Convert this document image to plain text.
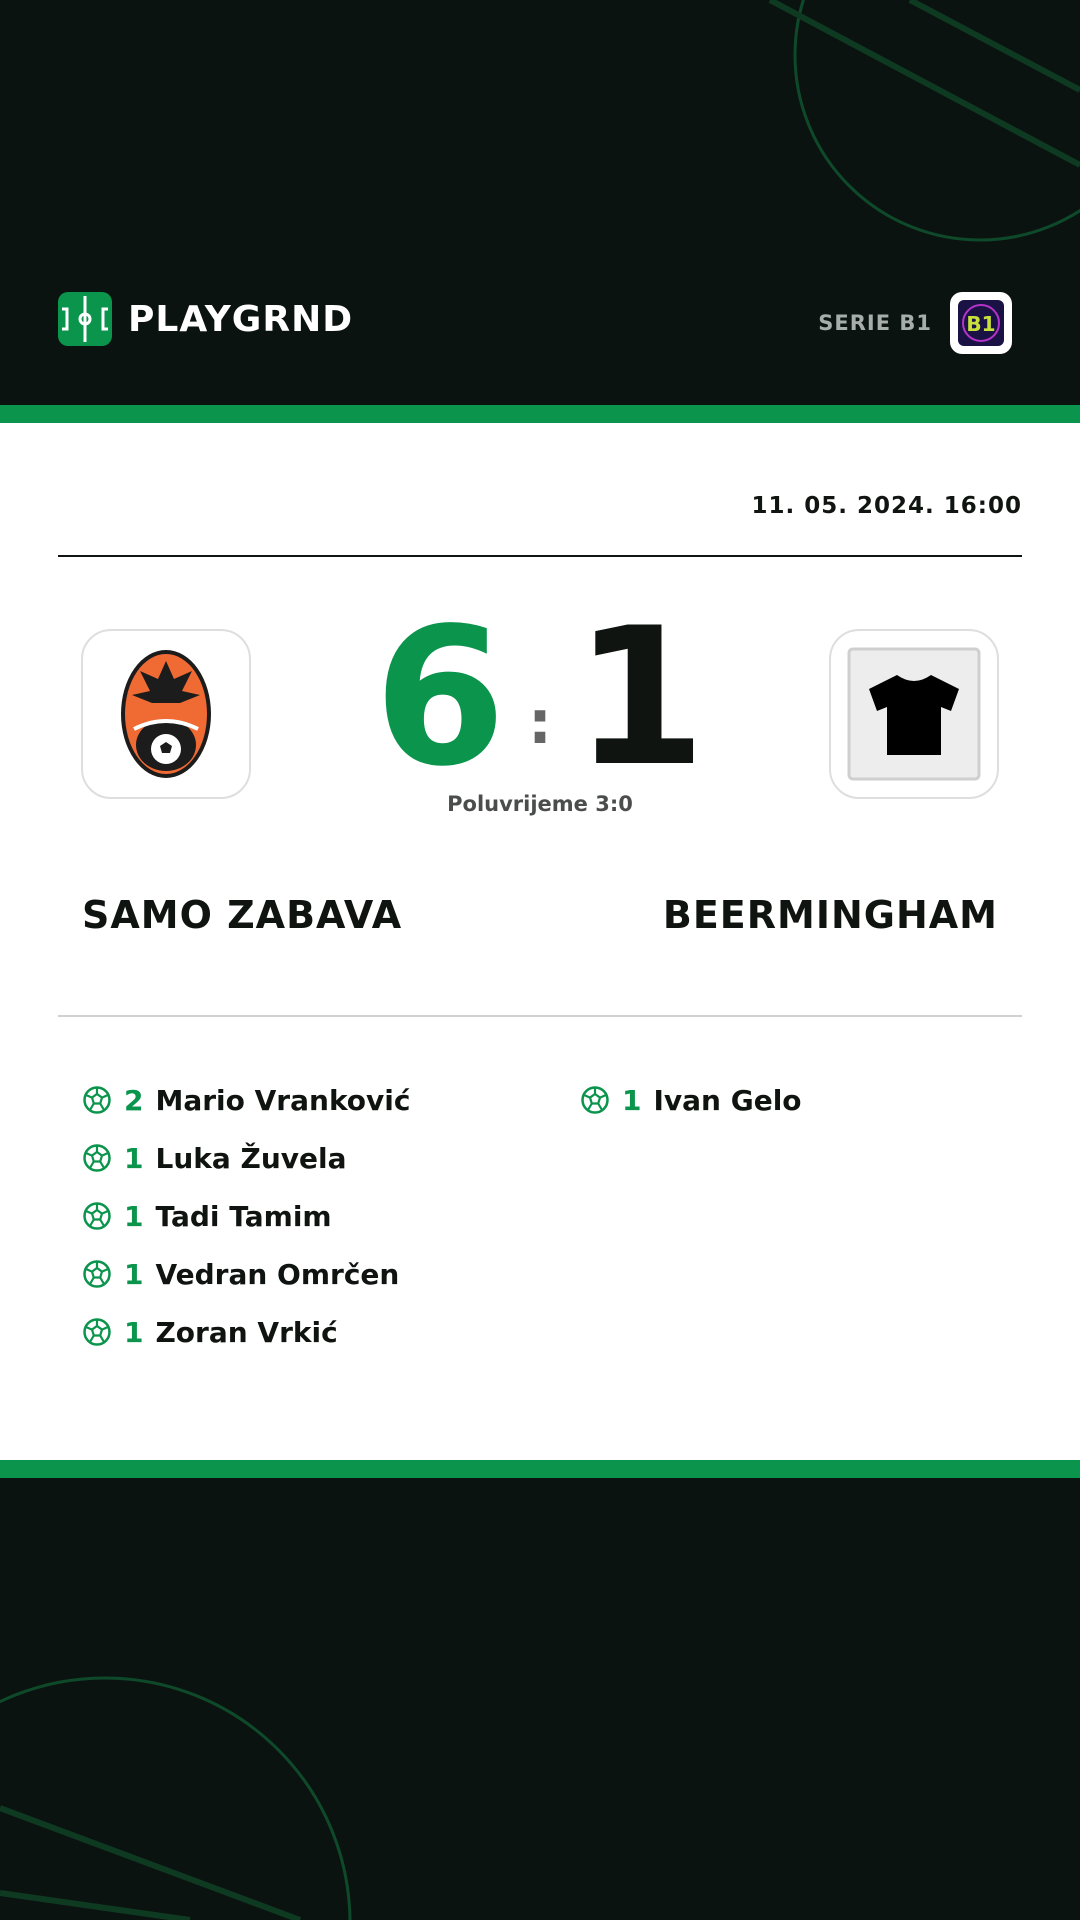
PLAYGRND	SERIE B1 B1
11. 05. 2024. 16:00
6 : 1
Poluvrijeme 3:0
SAMO ZABAVA	BEERMINGHAM
2 Mario Vranković
1 Luka Žuvela
1 Tadi Tamim
1 Vedran Omrčen
1 Zoran Vrkić
1 Ivan Gelo
